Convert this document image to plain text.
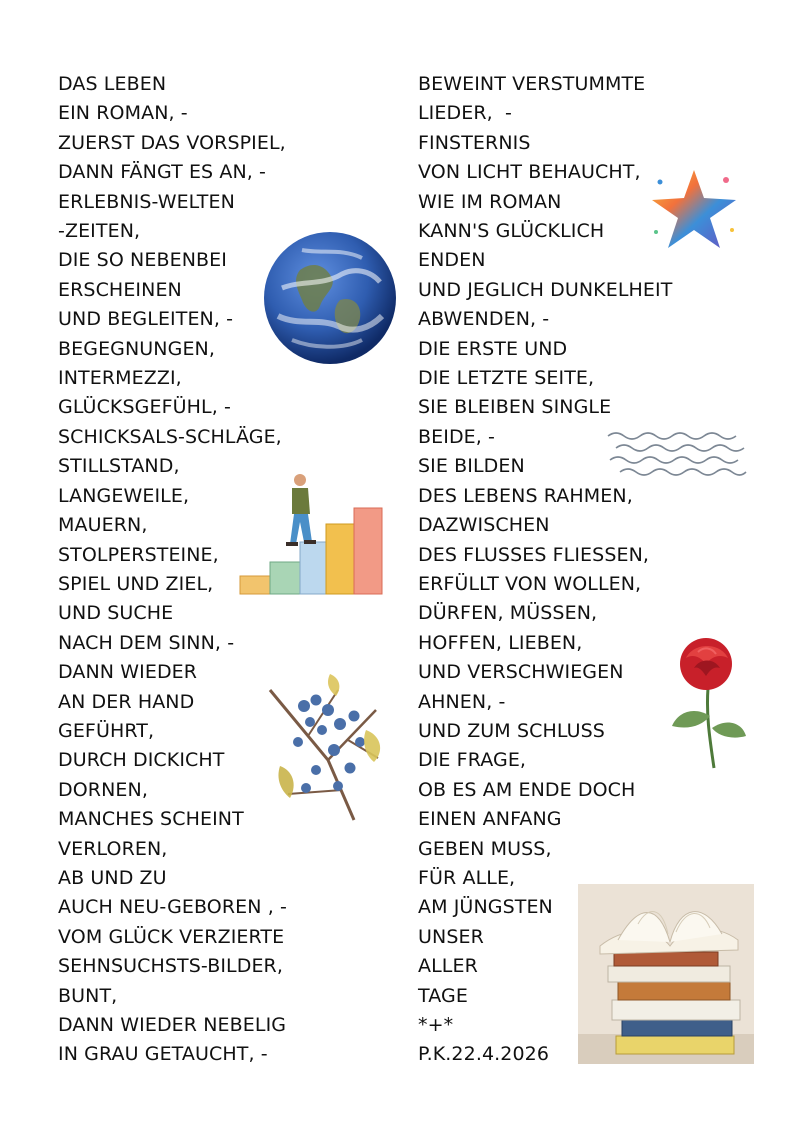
DAS LEBEN
EIN ROMAN, -
ZUERST DAS VORSPIEL,
DANN FÄNGT ES AN, -
ERLEBNIS-WELTEN
-ZEITEN,
DIE SO NEBENBEI
ERSCHEINEN
UND BEGLEITEN, -
BEGEGNUNGEN,
INTERMEZZI,
GLÜCKSGEFÜHL, -
SCHICKSALS-SCHLÄGE,
STILLSTAND,
LANGEWEILE,
MAUERN,
STOLPERSTEINE,
SPIEL UND ZIEL,
UND SUCHE
NACH DEM SINN, -
DANN WIEDER
AN DER HAND
GEFÜHRT,
DURCH DICKICHT
DORNEN,
MANCHES SCHEINT
VERLOREN,
AB UND ZU
AUCH NEU-GEBOREN , -
VOM GLÜCK VERZIERTE
SEHNSUCHSTS-BILDER,
BUNT,
DANN WIEDER NEBELIG
IN GRAU GETAUCHT, -
BEWEINT VERSTUMMTE
LIEDER,  -
FINSTERNIS
VON LICHT BEHAUCHT,
WIE IM ROMAN
KANN'S GLÜCKLICH
ENDEN
UND JEGLICH DUNKELHEIT
ABWENDEN, -
DIE ERSTE UND
DIE LETZTE SEITE,
SIE BLEIBEN SINGLE
BEIDE, -
SIE BILDEN
DES LEBENS RAHMEN,
DAZWISCHEN
DES FLUSSES FLIESSEN,
ERFÜLLT VON WOLLEN,
DÜRFEN, MÜSSEN,
HOFFEN, LIEBEN,
UND VERSCHWIEGEN
AHNEN, -
UND ZUM SCHLUSS
DIE FRAGE,
OB ES AM ENDE DOCH
EINEN ANFANG
GEBEN MUSS,
FÜR ALLE,
AM JÜNGSTEN
UNSER
ALLER
TAGE
*+*
P.K.22.4.2026
